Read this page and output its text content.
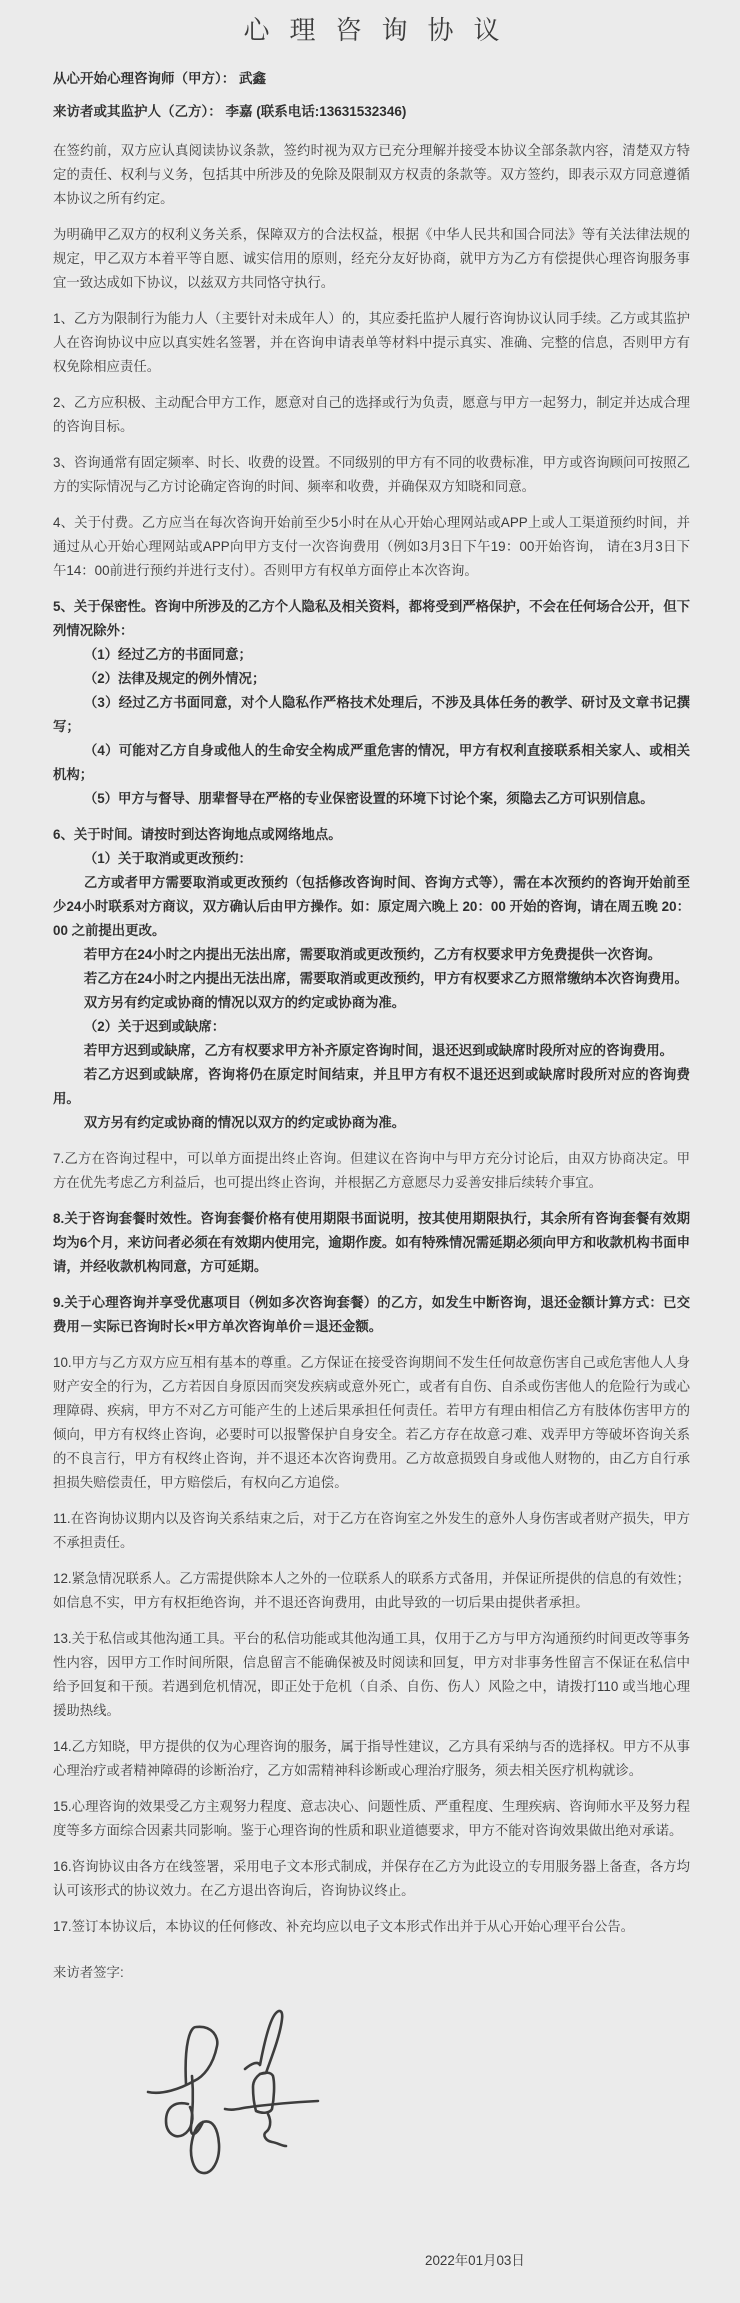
心理咨询协议
从心开始心理咨询师（甲方）： 武鑫
来访者或其监护人（乙方）： 李嘉 (联系电话:13631532346)

在签约前，双方应认真阅读协议条款，签约时视为双方已充分理解并接受本协议全部条款内容，清楚双方特定的责任、权利与义务，包括其中所涉及的免除及限制双方权责的条款等。双方签约，即表示双方同意遵循本协议之所有约定。

为明确甲乙双方的权利义务关系，保障双方的合法权益，根据《中华人民共和国合同法》等有关法律法规的规定，甲乙双方本着平等自愿、诚实信用的原则，经充分友好协商，就甲方为乙方有偿提供心理咨询服务事宜一致达成如下协议，以兹双方共同恪守执行。

1、乙方为限制行为能力人（主要针对未成年人）的，其应委托监护人履行咨询协议认同手续。乙方或其监护人在咨询协议中应以真实姓名签署，并在咨询申请表单等材料中提示真实、准确、完整的信息，否则甲方有权免除相应责任。

2、乙方应积极、主动配合甲方工作，愿意对自己的选择或行为负责，愿意与甲方一起努力，制定并达成合理的咨询目标。

3、咨询通常有固定频率、时长、收费的设置。不同级别的甲方有不同的收费标准，甲方或咨询顾问可按照乙方的实际情况与乙方讨论确定咨询的时间、频率和收费，并确保双方知晓和同意。

4、关于付费。乙方应当在每次咨询开始前至少5小时在从心开始心理网站或APP上或人工渠道预约时间，并通过从心开始心理网站或APP向甲方支付一次咨询费用（例如3月3日下午19：00开始咨询， 请在3月3日下午14：00前进行预约并进行支付）。否则甲方有权单方面停止本次咨询。

5、关于保密性。咨询中所涉及的乙方个人隐私及相关资料，都将受到严格保护，不会在任何场合公开，但下列情况除外：

（1）经过乙方的书面同意；

（2）法律及规定的例外情况；

（3）经过乙方书面同意，对个人隐私作严格技术处理后，不涉及具体任务的教学、研讨及文章书记撰写；

（4）可能对乙方自身或他人的生命安全构成严重危害的情况，甲方有权利直接联系相关家人、或相关机构；

（5）甲方与督导、朋辈督导在严格的专业保密设置的环境下讨论个案，须隐去乙方可识别信息。

6、关于时间。请按时到达咨询地点或网络地点。

（1）关于取消或更改预约：

乙方或者甲方需要取消或更改预约（包括修改咨询时间、咨询方式等），需在本次预约的咨询开始前至少24小时联系对方商议，双方确认后由甲方操作。如：原定周六晚上 20：00 开始的咨询，请在周五晚 20：00 之前提出更改。

若甲方在24小时之内提出无法出席，需要取消或更改预约，乙方有权要求甲方免费提供一次咨询。

若乙方在24小时之内提出无法出席，需要取消或更改预约，甲方有权要求乙方照常缴纳本次咨询费用。

双方另有约定或协商的情况以双方的约定或协商为准。

（2）关于迟到或缺席：

若甲方迟到或缺席，乙方有权要求甲方补齐原定咨询时间，退还迟到或缺席时段所对应的咨询费用。

若乙方迟到或缺席，咨询将仍在原定时间结束，并且甲方有权不退还迟到或缺席时段所对应的咨询费用。

双方另有约定或协商的情况以双方的约定或协商为准。

7.乙方在咨询过程中，可以单方面提出终止咨询。但建议在咨询中与甲方充分讨论后，由双方协商决定。甲方在优先考虑乙方利益后，也可提出终止咨询，并根据乙方意愿尽力妥善安排后续转介事宜。

8.关于咨询套餐时效性。咨询套餐价格有使用期限书面说明，按其使用期限执行，其余所有咨询套餐有效期均为6个月，来访问者必须在有效期内使用完，逾期作废。如有特殊情况需延期必须向甲方和收款机构书面申请，并经收款机构同意，方可延期。

9.关于心理咨询并享受优惠项目（例如多次咨询套餐）的乙方，如发生中断咨询，退还金额计算方式：已交费用－实际已咨询时长×甲方单次咨询单价＝退还金额。

10.甲方与乙方双方应互相有基本的尊重。乙方保证在接受咨询期间不发生任何故意伤害自己或危害他人人身财产安全的行为，乙方若因自身原因而突发疾病或意外死亡，或者有自伤、自杀或伤害他人的危险行为或心理障碍、疾病，甲方不对乙方可能产生的上述后果承担任何责任。若甲方有理由相信乙方有肢体伤害甲方的倾向，甲方有权终止咨询，必要时可以报警保护自身安全。若乙方存在故意刁难、戏弄甲方等破坏咨询关系的不良言行，甲方有权终止咨询，并不退还本次咨询费用。乙方故意损毁自身或他人财物的，由乙方自行承担损失赔偿责任，甲方赔偿后，有权向乙方追偿。

11.在咨询协议期内以及咨询关系结束之后，对于乙方在咨询室之外发生的意外人身伤害或者财产损失，甲方不承担责任。

12.紧急情况联系人。乙方需提供除本人之外的一位联系人的联系方式备用，并保证所提供的信息的有效性；如信息不实，甲方有权拒绝咨询，并不退还咨询费用，由此导致的一切后果由提供者承担。

13.关于私信或其他沟通工具。平台的私信功能或其他沟通工具，仅用于乙方与甲方沟通预约时间更改等事务性内容，因甲方工作时间所限，信息留言不能确保被及时阅读和回复，甲方对非事务性留言不保证在私信中给予回复和干预。若遇到危机情况，即正处于危机（自杀、自伤、伤人）风险之中，请拨打110 或当地心理援助热线。

14.乙方知晓，甲方提供的仅为心理咨询的服务，属于指导性建议，乙方具有采纳与否的选择权。甲方不从事心理治疗或者精神障碍的诊断治疗，乙方如需精神科诊断或心理治疗服务，须去相关医疗机构就诊。

15.心理咨询的效果受乙方主观努力程度、意志决心、问题性质、严重程度、生理疾病、咨询师水平及努力程度等多方面综合因素共同影响。鉴于心理咨询的性质和职业道德要求，甲方不能对咨询效果做出绝对承诺。

16.咨询协议由各方在线签署，采用电子文本形式制成，并保存在乙方为此设立的专用服务器上备查，各方均认可该形式的协议效力。在乙方退出咨询后，咨询协议终止。

17.签订本协议后，本协议的任何修改、补充均应以电子文本形式作出并于从心开始心理平台公告。

来访者签字:
2022年01月03日
